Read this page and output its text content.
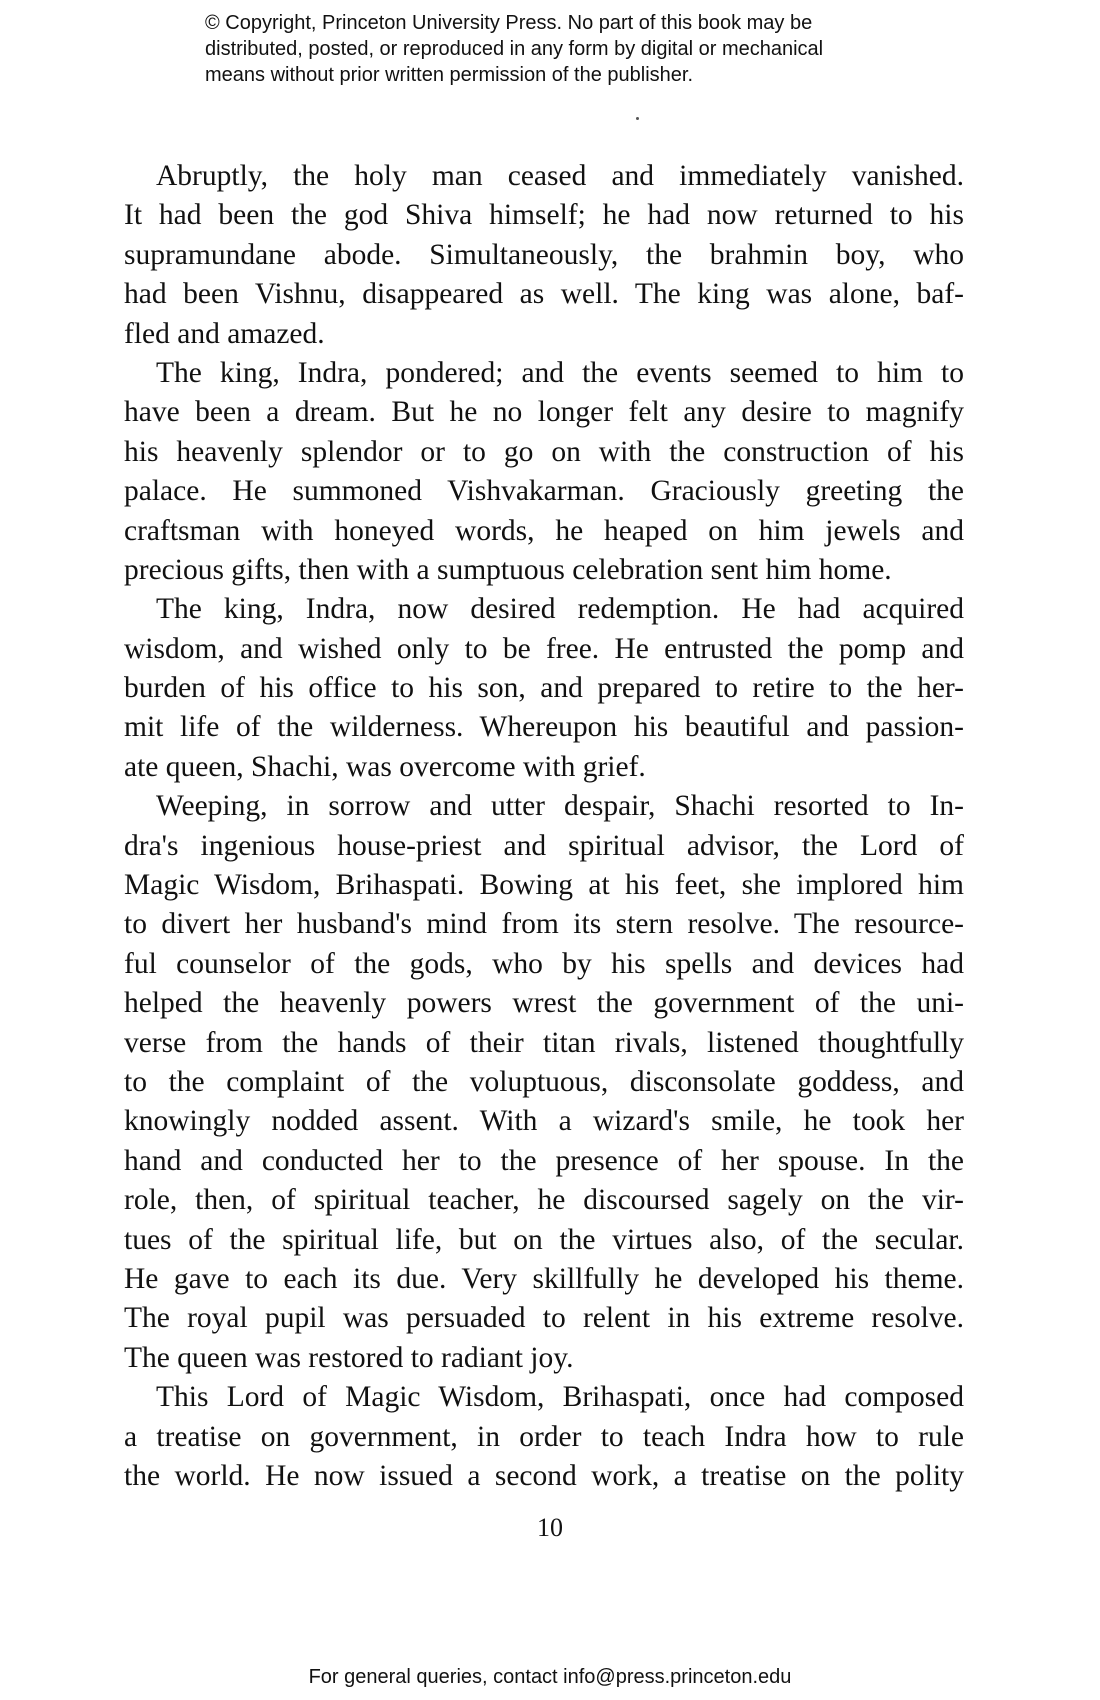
© Copyright, Princeton University Press. No part of this book may be
distributed, posted, or reproduced in any form by digital or mechanical
means without prior written permission of the publisher.
Abruptly, the holy man ceased and immediately vanished.
It had been the god Shiva himself; he had now returned to his
supramundane abode. Simultaneously, the brahmin boy, who
had been Vishnu, disappeared as well. The king was alone, baf-
fled and amazed.
The king, Indra, pondered; and the events seemed to him to
have been a dream. But he no longer felt any desire to magnify
his heavenly splendor or to go on with the construction of his
palace. He summoned Vishvakarman. Graciously greeting the
craftsman with honeyed words, he heaped on him jewels and
precious gifts, then with a sumptuous celebration sent him home.
The king, Indra, now desired redemption. He had acquired
wisdom, and wished only to be free. He entrusted the pomp and
burden of his office to his son, and prepared to retire to the her-
mit life of the wilderness. Whereupon his beautiful and passion-
ate queen, Shachi, was overcome with grief.
Weeping, in sorrow and utter despair, Shachi resorted to In-
dra's ingenious house-priest and spiritual advisor, the Lord of
Magic Wisdom, Brihaspati. Bowing at his feet, she implored him
to divert her husband's mind from its stern resolve. The resource-
ful counselor of the gods, who by his spells and devices had
helped the heavenly powers wrest the government of the uni-
verse from the hands of their titan rivals, listened thoughtfully
to the complaint of the voluptuous, disconsolate goddess, and
knowingly nodded assent. With a wizard's smile, he took her
hand and conducted her to the presence of her spouse. In the
role, then, of spiritual teacher, he discoursed sagely on the vir-
tues of the spiritual life, but on the virtues also, of the secular.
He gave to each its due. Very skillfully he developed his theme.
The royal pupil was persuaded to relent in his extreme resolve.
The queen was restored to radiant joy.
This Lord of Magic Wisdom, Brihaspati, once had composed
a treatise on government, in order to teach Indra how to rule
the world. He now issued a second work, a treatise on the polity
10
For general queries, contact info@press.princeton.edu
